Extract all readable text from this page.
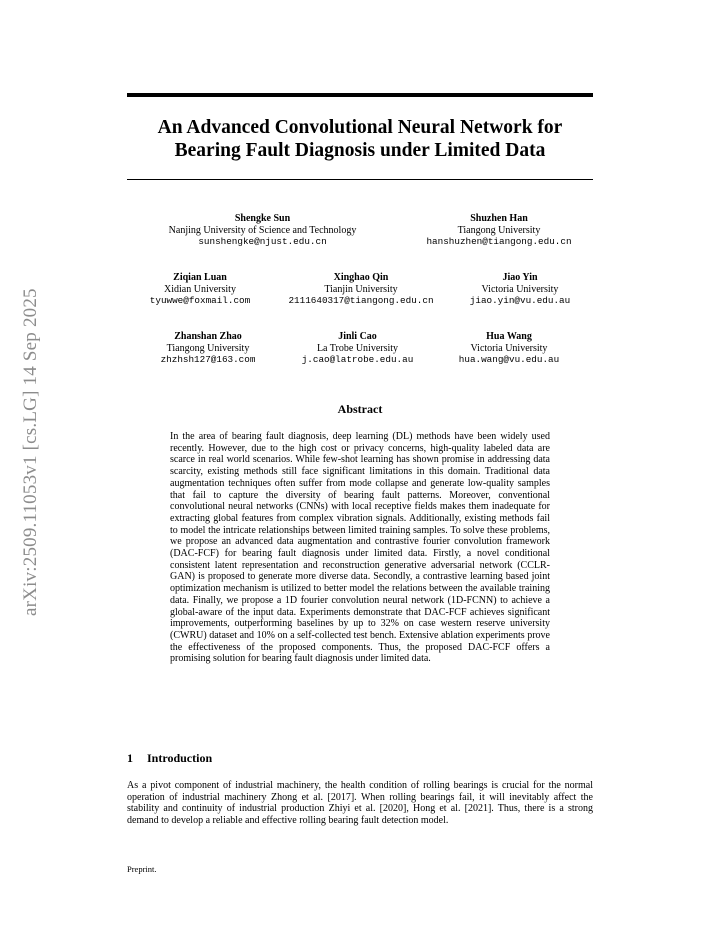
arXiv:2509.11053v1 [cs.LG] 14 Sep 2025
An Advanced Convolutional Neural Network for
Bearing Fault Diagnosis under Limited Data
Shengke Sun
Nanjing University of Science and Technology
sunshengke@njust.edu.cn
Shuzhen Han
Tiangong University
hanshuzhen@tiangong.edu.cn
Ziqian Luan
Xidian University
tyuwwe@foxmail.com
Xinghao Qin
Tianjin University
2111640317@tiangong.edu.cn
Jiao Yin
Victoria University
jiao.yin@vu.edu.au
Zhanshan Zhao
Tiangong University
zhzhsh127@163.com
Jinli Cao
La Trobe University
j.cao@latrobe.edu.au
Hua Wang
Victoria University
hua.wang@vu.edu.au
Abstract
In the area of bearing fault diagnosis, deep learning (DL) methods have been widely used recently. However, due to the high cost or privacy concerns, high-quality labeled data are scarce in real world scenarios. While few-shot learning has shown promise in addressing data scarcity, existing methods still face significant limitations in this domain. Traditional data augmentation techniques often suffer from mode collapse and generate low-quality samples that fail to capture the diversity of bearing fault patterns. Moreover, conventional convolutional neural networks (CNNs) with local receptive fields makes them inadequate for extracting global features from complex vibration signals. Additionally, existing methods fail to model the intricate relationships between limited training samples. To solve these problems, we propose an advanced data augmentation and contrastive fourier convolution framework (DAC-FCF) for bearing fault diagnosis under limited data. Firstly, a novel conditional consistent latent representation and reconstruction generative adversarial network (CCLR-GAN) is proposed to generate more diverse data. Secondly, a contrastive learning based joint optimization mechanism is utilized to better model the relations between the available training data. Finally, we propose a 1D fourier convolution neural network (1D-FCNN) to achieve a global-aware of the input data. Experiments demonstrate that DAC-FCF achieves significant improvements, outperforming baselines by up to 32% on case western reserve university (CWRU) dataset and 10% on a self-collected test bench. Extensive ablation experiments prove the effectiveness of the proposed components. Thus, the proposed DAC-FCF offers a promising solution for bearing fault diagnosis under limited data.
1 Introduction
As a pivot component of industrial machinery, the health condition of rolling bearings is crucial for the normal operation of industrial machinery Zhong et al. [2017]. When rolling bearings fail, it will inevitably affect the stability and continuity of industrial production Zhiyi et al. [2020], Hong et al. [2021]. Thus, there is a strong demand to develop a reliable and effective rolling bearing fault detection model.
Preprint.
